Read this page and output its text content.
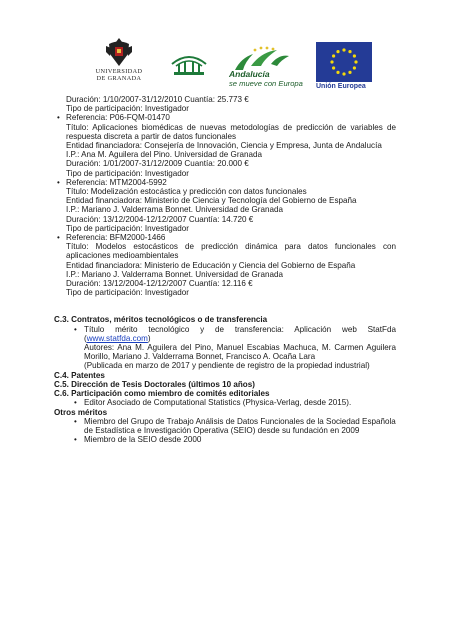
UNIVERSIDAD
DE GRANADA	Andalucía
se mueve con Europa Unión Europea
Duración: 1/10/2007-31/12/2010 Cuantía: 25.773 €
Tipo de participación: Investigador
• Referencia: P06-FQM-01470
Título: Aplicaciones biomédicas de nuevas metodologías de predicción de variables de respuesta discreta a partir de datos funcionales
Entidad financiadora: Consejería de Innovación, Ciencia y Empresa, Junta de Andalucía
I.P.: Ana M. Aguilera del Pino. Universidad de Granada
Duración: 1/01/2007-31/12/2009 Cuantía: 20.000 €
Tipo de participación: Investigador
• Referencia: MTM2004-5992
Título: Modelización estocástica y predicción con datos funcionales
Entidad financiadora: Ministerio de Ciencia y Tecnología del Gobierno de España
I.P.: Mariano J. Valderrama Bonnet. Universidad de Granada
Duración: 13/12/2004-12/12/2007 Cuantía: 14.720 €
Tipo de participación: Investigador
• Referencia: BFM2000-1466
Título: Modelos estocásticos de predicción dinámica para datos funcionales con aplicaciones medioambientales
Entidad financiadora: Ministerio de Educación y Ciencia del Gobierno de España
I.P.: Mariano J. Valderrama Bonnet. Universidad de Granada
Duración: 13/12/2004-12/12/2007 Cuantía: 12.116 €
Tipo de participación: Investigador
C.3. Contratos, méritos tecnológicos o de transferencia
• Título mérito tecnológico y de transferencia: Aplicación web StatFda (www.statfda.com)
Autores: Ana M. Aguilera del Pino, Manuel Escabias Machuca, M. Carmen Aguilera Morillo, Mariano J. Valderrama Bonnet, Francisco A. Ocaña Lara
(Publicada en marzo de 2017 y pendiente de registro de la propiedad industrial)
C.4. Patentes
C.5. Dirección de Tesis Doctorales (últimos 10 años)
C.6. Participación como miembro de comités editoriales
• Editor Asociado de Computational Statistics (Physica-Verlag, desde 2015).
Otros méritos
• Miembro del Grupo de Trabajo Análisis de Datos Funcionales de la Sociedad Española de Estadística e Investigación Operativa (SEIO) desde su fundación en 2009
• Miembro de la SEIO desde 2000
